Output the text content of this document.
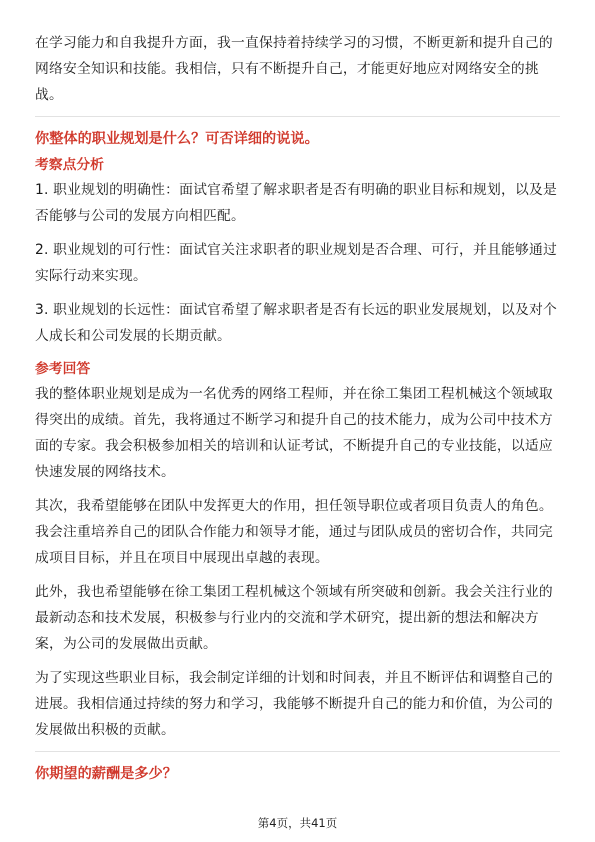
在学习能力和自我提升方面，我一直保持着持续学习的习惯，不断更新和提升自己的网络安全知识和技能。我相信，只有不断提升自己，才能更好地应对网络安全的挑战。

你整体的职业规划是什么？可否详细的说说。
考察点分析

1. 职业规划的明确性：面试官希望了解求职者是否有明确的职业目标和规划，以及是否能够与公司的发展方向相匹配。

2. 职业规划的可行性：面试官关注求职者的职业规划是否合理、可行，并且能够通过实际行动来实现。

3. 职业规划的长远性：面试官希望了解求职者是否有长远的职业发展规划，以及对个人成长和公司发展的长期贡献。

参考回答

我的整体职业规划是成为一名优秀的网络工程师，并在徐工集团工程机械这个领域取得突出的成绩。首先，我将通过不断学习和提升自己的技术能力，成为公司中技术方面的专家。我会积极参加相关的培训和认证考试，不断提升自己的专业技能，以适应快速发展的网络技术。

其次，我希望能够在团队中发挥更大的作用，担任领导职位或者项目负责人的角色。我会注重培养自己的团队合作能力和领导才能，通过与团队成员的密切合作，共同完成项目目标，并且在项目中展现出卓越的表现。

此外，我也希望能够在徐工集团工程机械这个领域有所突破和创新。我会关注行业的最新动态和技术发展，积极参与行业内的交流和学术研究，提出新的想法和解决方案，为公司的发展做出贡献。

为了实现这些职业目标，我会制定详细的计划和时间表，并且不断评估和调整自己的进展。我相信通过持续的努力和学习，我能够不断提升自己的能力和价值，为公司的发展做出积极的贡献。

你期望的薪酬是多少？
第4页，共41页
